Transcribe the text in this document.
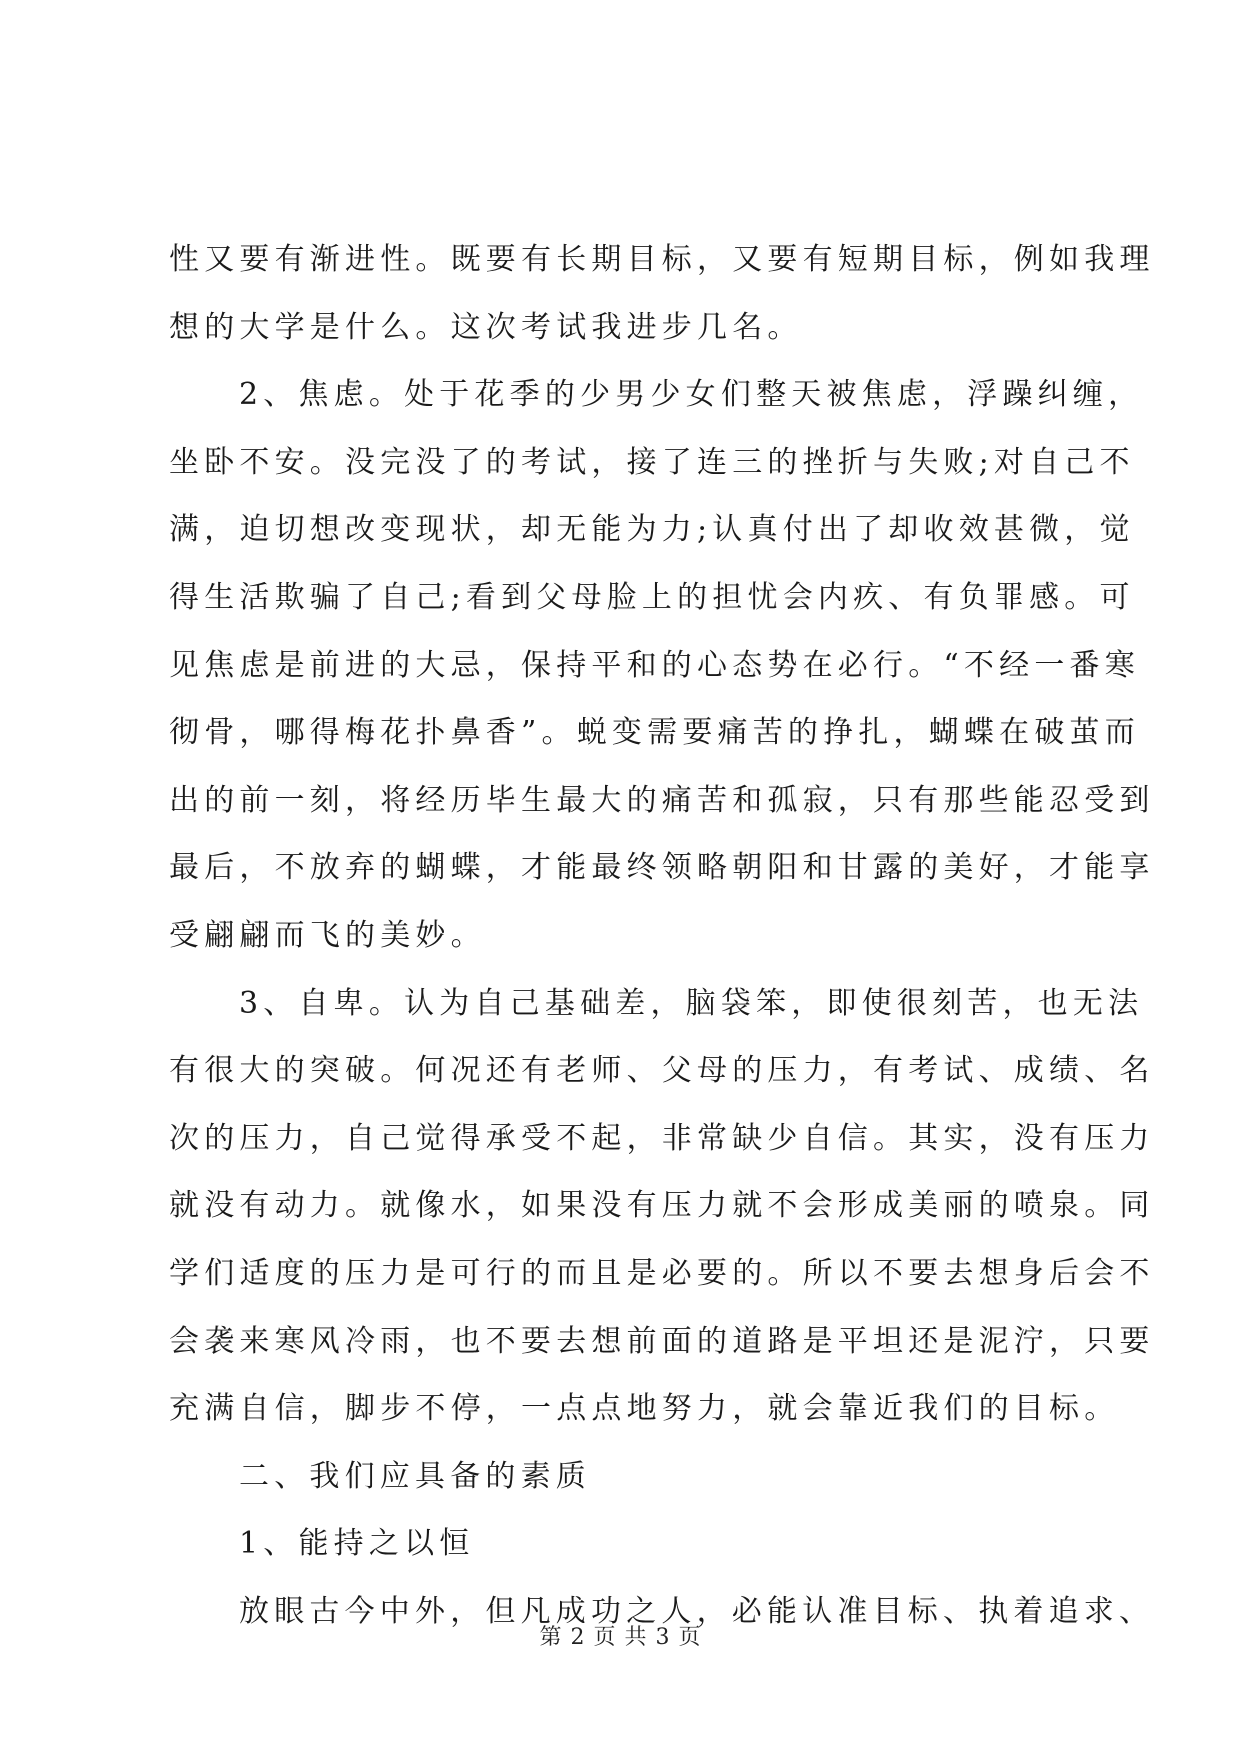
性又要有渐进性。既要有长期目标，又要有短期目标，例如我理
想的大学是什么。这次考试我进步几名。
2、焦虑。处于花季的少男少女们整天被焦虑，浮躁纠缠，
坐卧不安。没完没了的考试，接了连三的挫折与失败;对自己不
满，迫切想改变现状，却无能为力;认真付出了却收效甚微，觉
得生活欺骗了自己;看到父母脸上的担忧会内疚、有负罪感。可
见焦虑是前进的大忌，保持平和的心态势在必行。“不经一番寒
彻骨，哪得梅花扑鼻香”。蜕变需要痛苦的挣扎，蝴蝶在破茧而
出的前一刻，将经历毕生最大的痛苦和孤寂，只有那些能忍受到
最后，不放弃的蝴蝶，才能最终领略朝阳和甘露的美好，才能享
受翩翩而飞的美妙。
3、自卑。认为自己基础差，脑袋笨，即使很刻苦，也无法
有很大的突破。何况还有老师、父母的压力，有考试、成绩、名
次的压力，自己觉得承受不起，非常缺少自信。其实，没有压力
就没有动力。就像水，如果没有压力就不会形成美丽的喷泉。同
学们适度的压力是可行的而且是必要的。所以不要去想身后会不
会袭来寒风冷雨，也不要去想前面的道路是平坦还是泥泞，只要
充满自信，脚步不停，一点点地努力，就会靠近我们的目标。
二、我们应具备的素质
1、能持之以恒
放眼古今中外，但凡成功之人，必能认准目标、执着追求、
第 2 页 共 3 页
